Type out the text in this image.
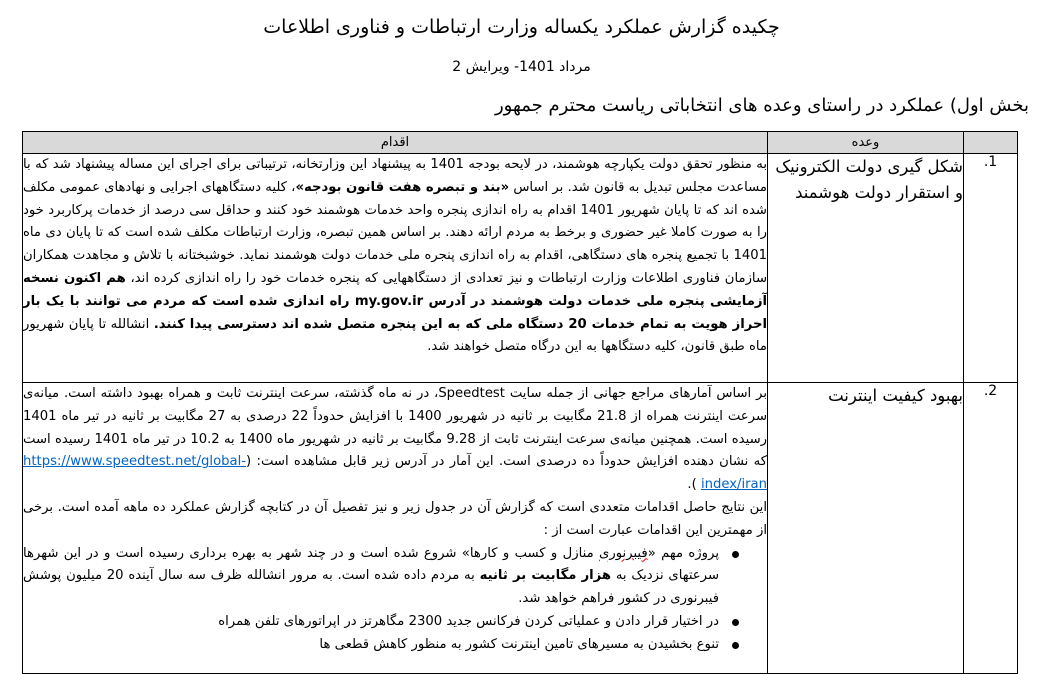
چکیده گزارش عملکرد یکساله وزارت ارتباطات و فناوری اطلاعات
مرداد 1401- ویرایش 2
بخش اول) عملکرد در راستای وعده های انتخاباتی ریاست محترم جمهور
	وعده	اقدام
.1	شکل گیری دولت الکترونیک و استقرار دولت هوشمند	به منظور تحقق دولت یکپارچه هوشمند، در لایحه بودجه 1401 به پیشنهاد این وزارتخانه، ترتیباتی برای اجرای این مساله پیشنهاد شد که با مساعدت مجلس تبدیل به قانون شد. بر اساس «بند و تبصره هفت قانون بودجه»، کلیه دستگاههای اجرایی و نهادهای عمومی مکلف شده اند که تا پایان شهریور 1401 اقدام به راه اندازی پنجره واحد خدمات هوشمند خود کنند و حداقل سی درصد از خدمات پرکاربرد خود را به صورت کاملا غیر حضوری و برخط به مردم ارائه دهند. بر اساس همین تبصره، وزارت ارتباطات مکلف شده است که تا پایان دی ماه 1401 با تجمیع پنجره های دستگاهی، اقدام به راه اندازی پنجره ملی خدمات دولت هوشمند نماید. خوشبختانه با تلاش و مجاهدت همکاران سازمان فناوری اطلاعات وزارت ارتباطات و نیز تعدادی از دستگاههایی که پنجره خدمات خود را راه اندازی کرده اند، هم اکنون نسخه آزمایشی پنجره ملی خدمات دولت هوشمند در آدرس my.gov.ir راه اندازی شده است که مردم می توانند با یک بار احراز هویت به تمام خدمات 20 دستگاه ملی که به این پنجره متصل شده اند دسترسی پیدا کنند. انشالله تا پایان شهریور ماه طبق قانون، کلیه دستگاهها به این درگاه متصل خواهند شد.
.2	بهبود کیفیت اینترنت	
بر اساس آمارهای مراجع جهانی از جمله سایت Speedtest، در نه ماه گذشته، سرعت اینترنت ثابت و همراه بهبود داشته است. میانه‌ی سرعت اینترنت همراه از 21.8 مگابیت بر ثانیه در شهریور 1400 با افزایش حدوداً 22 درصدی به 27 مگابیت بر ثانیه در تیر ماه 1401 رسیده است. همچنین میانه‌ی سرعت اینترنت ثابت از 9.28 مگابیت بر ثانیه در شهریور ماه 1400 به 10.2 در تیر ماه 1401 رسیده است که نشان دهنده افزایش حدوداً ده درصدی است. این آمار در آدرس زیر قابل مشاهده است: (https://www.speedtest.net/global-index/iran ).
این نتایج حاصل اقدامات متعددی است که گزارش آن در جدول زیر و نیز تفصیل آن در کتابچه گزارش عملکرد ده ماهه آمده است. برخی از مهمترین این اقدامات عبارت است از :
پروژه مهم «فیبرنوری منازل و کسب و کارها» شروع شده است و در چند شهر به بهره برداری رسیده است و در این شهرها سرعتهای نزدیک به هزار مگابیت بر ثانیه به مردم داده شده است. به مرور انشالله ظرف سه سال آینده 20 میلیون پوشش فیبرنوری در کشور فراهم خواهد شد.
در اختیار قرار دادن و عملیاتی کردن فرکانس جدید 2300 مگاهرتز در اپراتورهای تلفن همراه
تنوع بخشیدن به مسیرهای تامین اینترنت کشور به منظور کاهش قطعی ها
